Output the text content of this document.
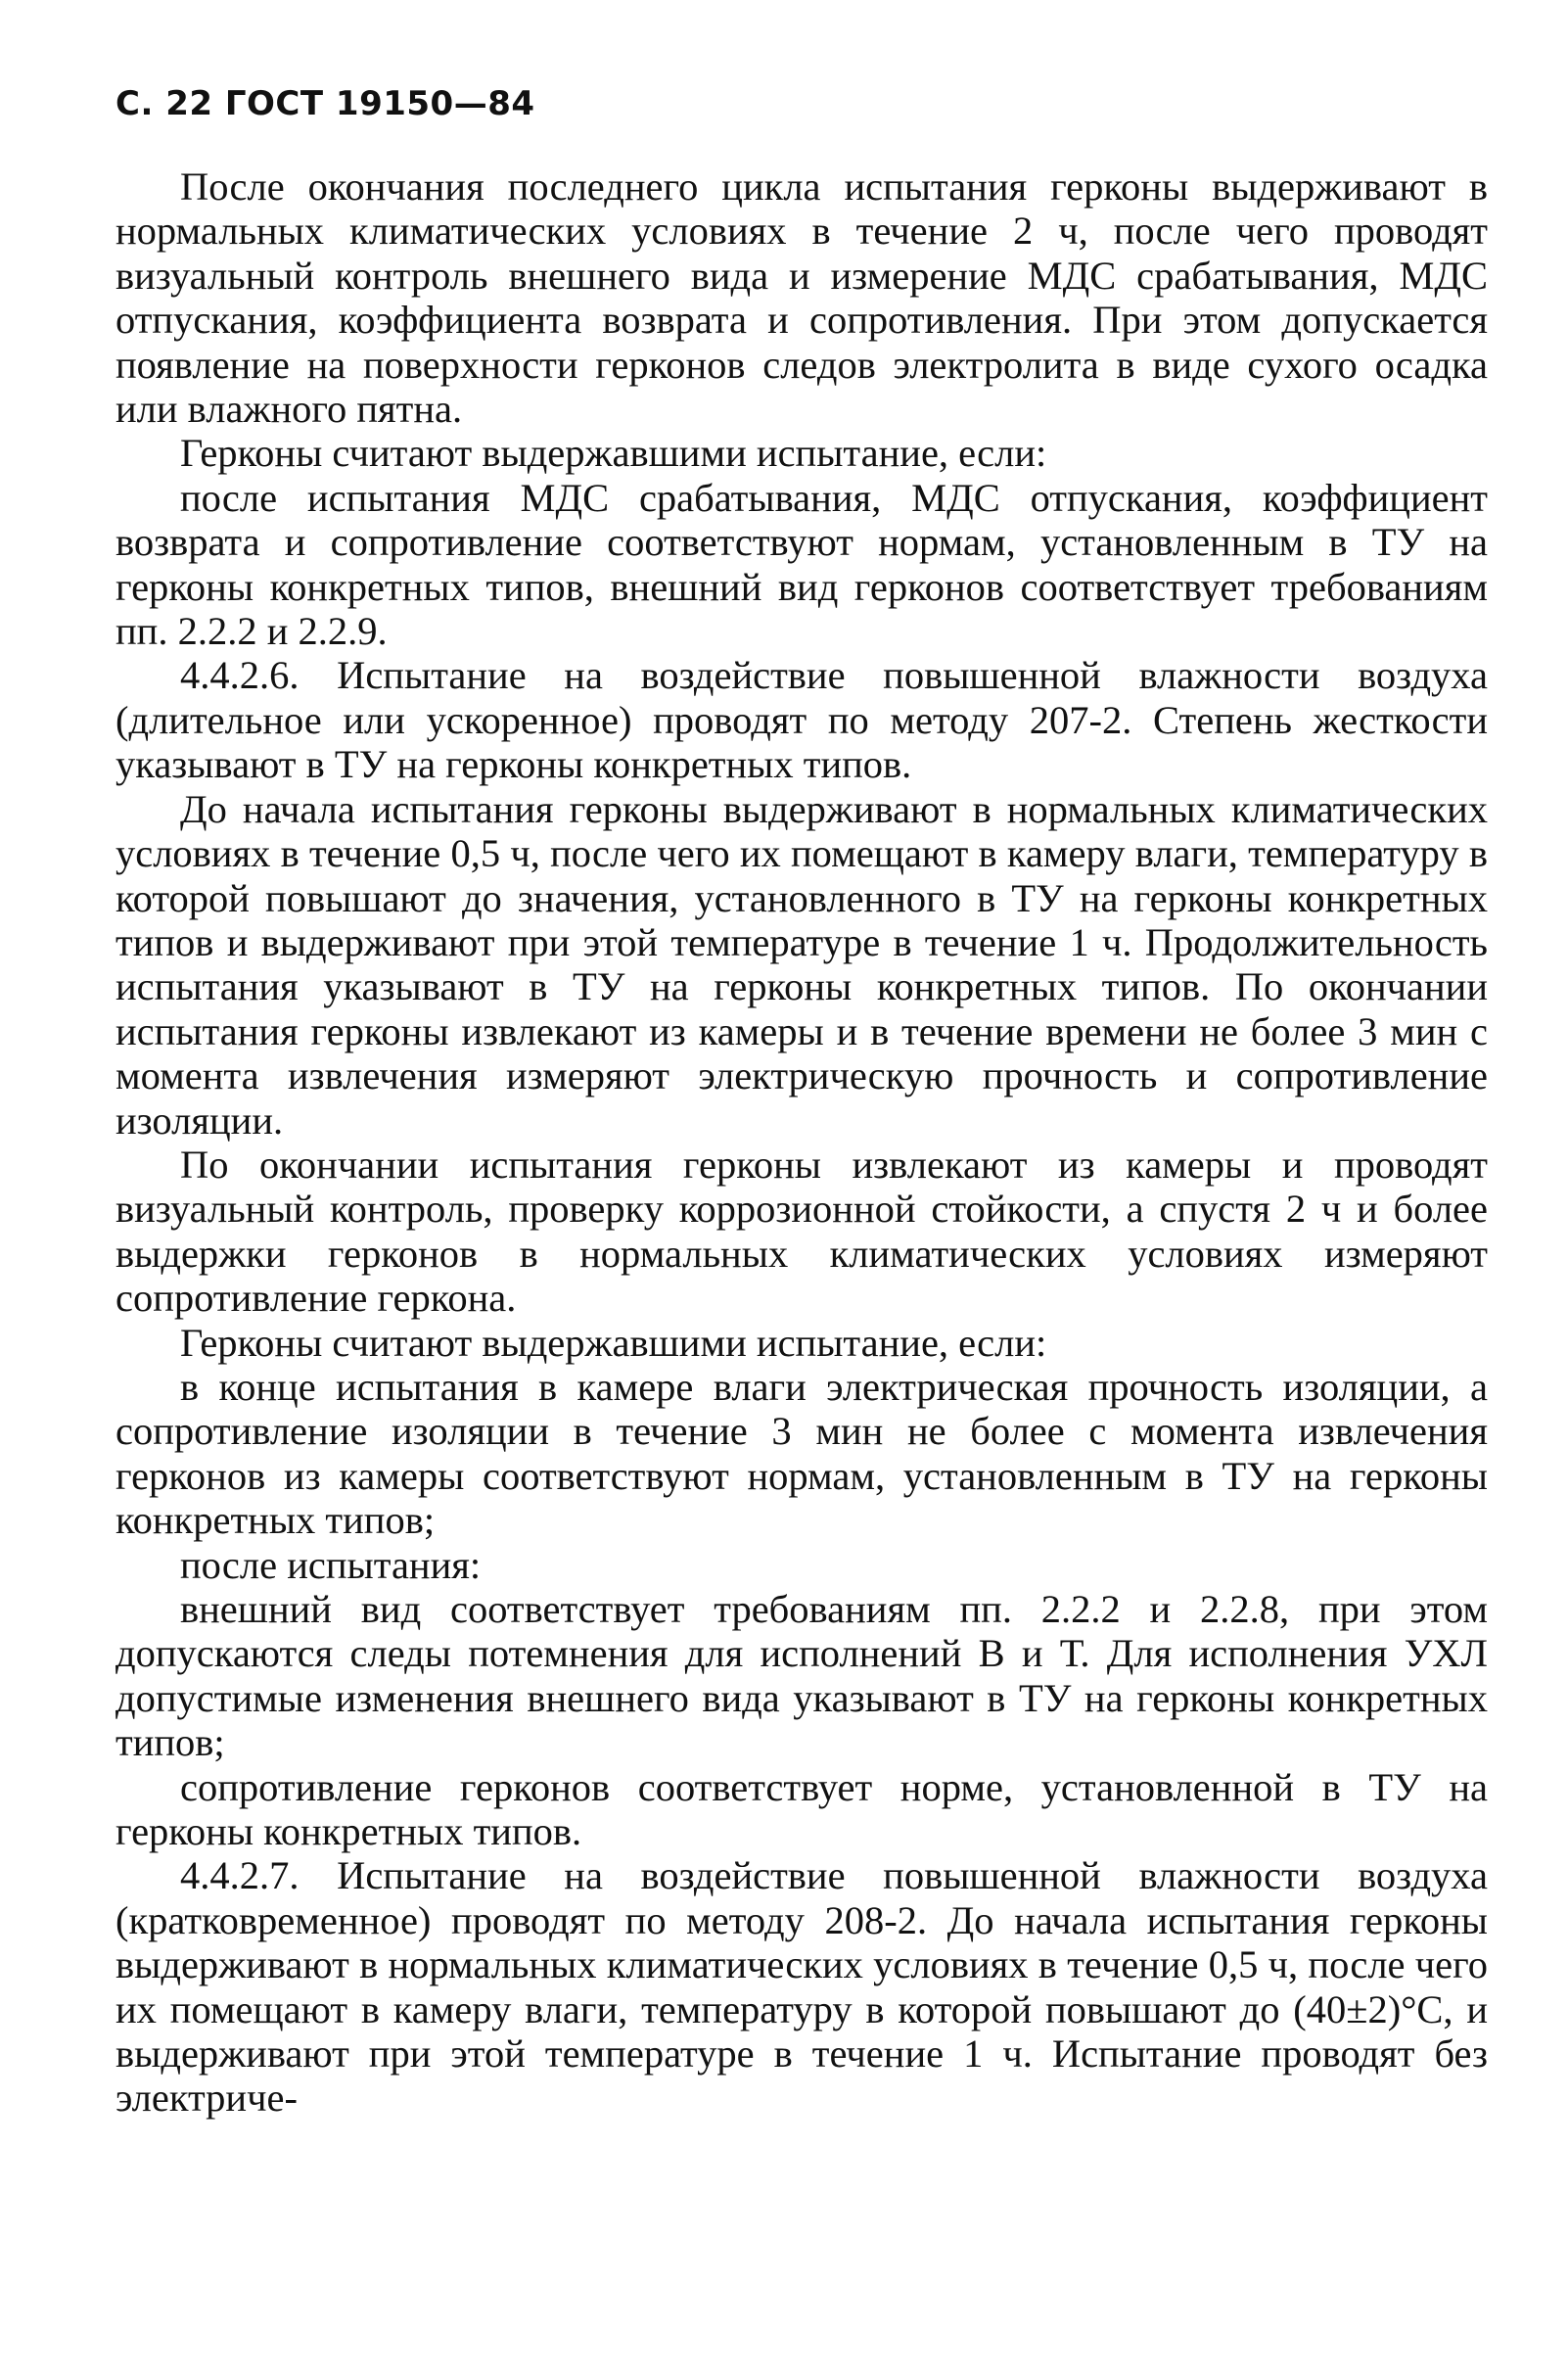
С. 22 ГОСТ 19150—84

После окончания последнего цикла испытания герконы выдерживают в нормальных климатических условиях в течение 2 ч, после чего проводят визуальный контроль внешнего вида и измерение МДС срабатывания, МДС отпускания, коэффициента возврата и сопротивления. При этом допускается появление на поверхности герконов следов электролита в виде сухого осадка или влажного пятна.

Герконы считают выдержавшими испытание, если:

после испытания МДС срабатывания, МДС отпускания, коэффициент возврата и сопротивление соответствуют нормам, установленным в ТУ на герконы конкретных типов, внешний вид герконов соответствует требованиям пп. 2.2.2 и 2.2.9.

4.4.2.6. Испытание на воздействие повышенной влажности воздуха (длительное или ускоренное) проводят по методу 207-2. Степень жесткости указывают в ТУ на герконы конкретных типов.

До начала испытания герконы выдерживают в нормальных климатических условиях в течение 0,5 ч, после чего их помещают в камеру влаги, температуру в которой повышают до значения, установленного в ТУ на герконы конкретных типов и выдерживают при этой температуре в течение 1 ч. Продолжительность испытания указывают в ТУ на герконы конкретных типов. По окончании испытания герконы извлекают из камеры и в течение времени не более 3 мин с момента извлечения измеряют электрическую прочность и сопротивление изоляции.

По окончании испытания герконы извлекают из камеры и проводят визуальный контроль, проверку коррозионной стойкости, а спустя 2 ч и более выдержки герконов в нормальных климатических условиях измеряют сопротивление геркона.

Герконы считают выдержавшими испытание, если:

в конце испытания в камере влаги электрическая прочность изоляции, а сопротивление изоляции в течение 3 мин не более с момента извлечения герконов из камеры соответствуют нормам, установленным в ТУ на герконы конкретных типов;

после испытания:

внешний вид соответствует требованиям пп. 2.2.2 и 2.2.8, при этом допускаются следы потемнения для исполнений В и Т. Для исполнения УХЛ допустимые изменения внешнего вида указывают в ТУ на герконы конкретных типов;

сопротивление герконов соответствует норме, установленной в ТУ на герконы конкретных типов.

4.4.2.7. Испытание на воздействие повышенной влажности воздуха (кратковременное) проводят по методу 208-2. До начала испытания герконы выдерживают в нормальных климатических условиях в течение 0,5 ч, после чего их помещают в камеру влаги, температуру в которой повышают до (40±2)°С, и выдерживают при этой температуре в течение 1 ч. Испытание проводят без электриче-
